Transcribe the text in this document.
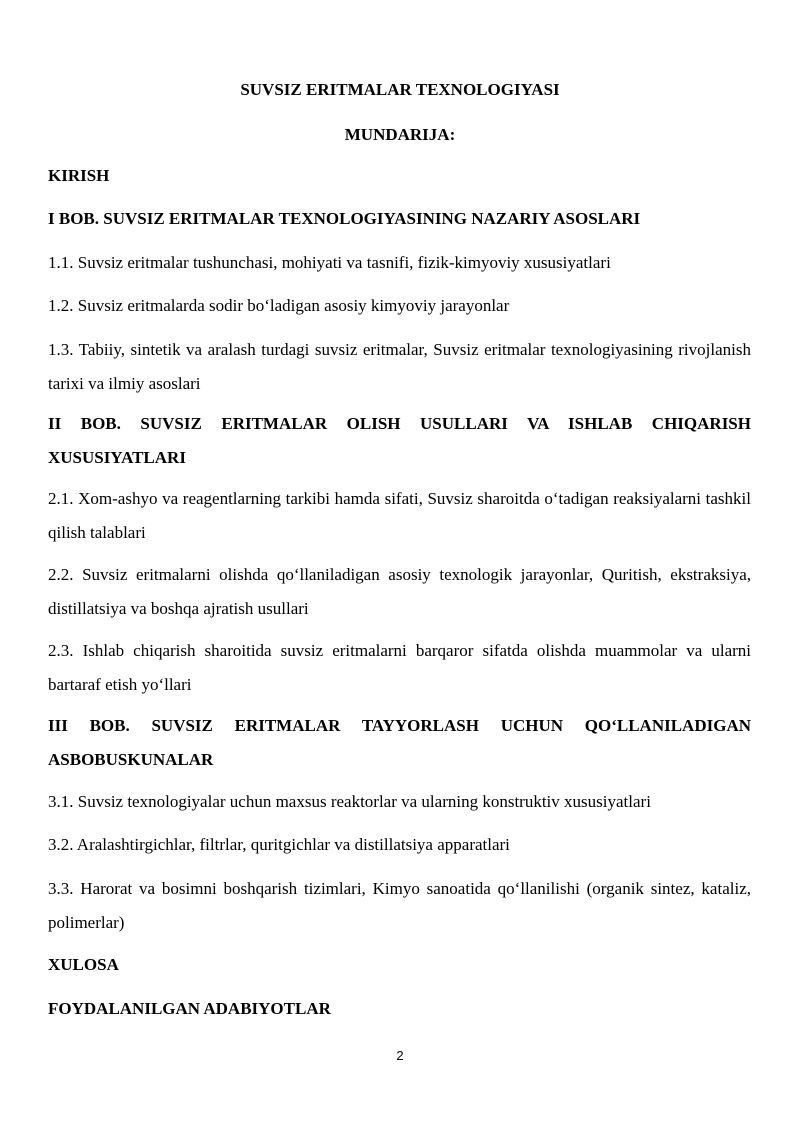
SUVSIZ ERITMALAR TEXNOLOGIYASI
MUNDARIJA:
KIRISH
I BOB. SUVSIZ ERITMALAR TEXNOLOGIYASINING NAZARIY ASOSLARI
1.1. Suvsiz eritmalar tushunchasi, mohiyati va tasnifi, fizik-kimyoviy xususiyatlari
1.2. Suvsiz eritmalarda sodir bo‘ladigan asosiy kimyoviy jarayonlar
1.3. Tabiiy, sintetik va aralash turdagi suvsiz eritmalar, Suvsiz eritmalar texnologiyasining rivojlanish tarixi va ilmiy asoslari
II BOB. SUVSIZ ERITMALAR OLISH USULLARI VA ISHLAB CHIQARISH XUSUSIYATLARI
2.1. Xom-ashyo va reagentlarning tarkibi hamda sifati, Suvsiz sharoitda o‘tadigan reaksiyalarni tashkil qilish talablari
2.2. Suvsiz eritmalarni olishda qo‘llaniladigan asosiy texnologik jarayonlar, Quritish, ekstraksiya, distillatsiya va boshqa ajratish usullari
2.3. Ishlab chiqarish sharoitida suvsiz eritmalarni barqaror sifatda olishda muammolar va ularni bartaraf etish yo‘llari
III BOB. SUVSIZ ERITMALAR TAYYORLASH UCHUN QO‘LLANILADIGAN ASBOBUSKUNALAR
3.1. Suvsiz texnologiyalar uchun maxsus reaktorlar va ularning konstruktiv xususiyatlari
3.2. Aralashtirgichlar, filtrlar, quritgichlar va distillatsiya apparatlari
3.3. Harorat va bosimni boshqarish tizimlari, Kimyo sanoatida qo‘llanilishi (organik sintez, kataliz, polimerlar)
XULOSA
FOYDALANILGAN ADABIYOTLAR
2
